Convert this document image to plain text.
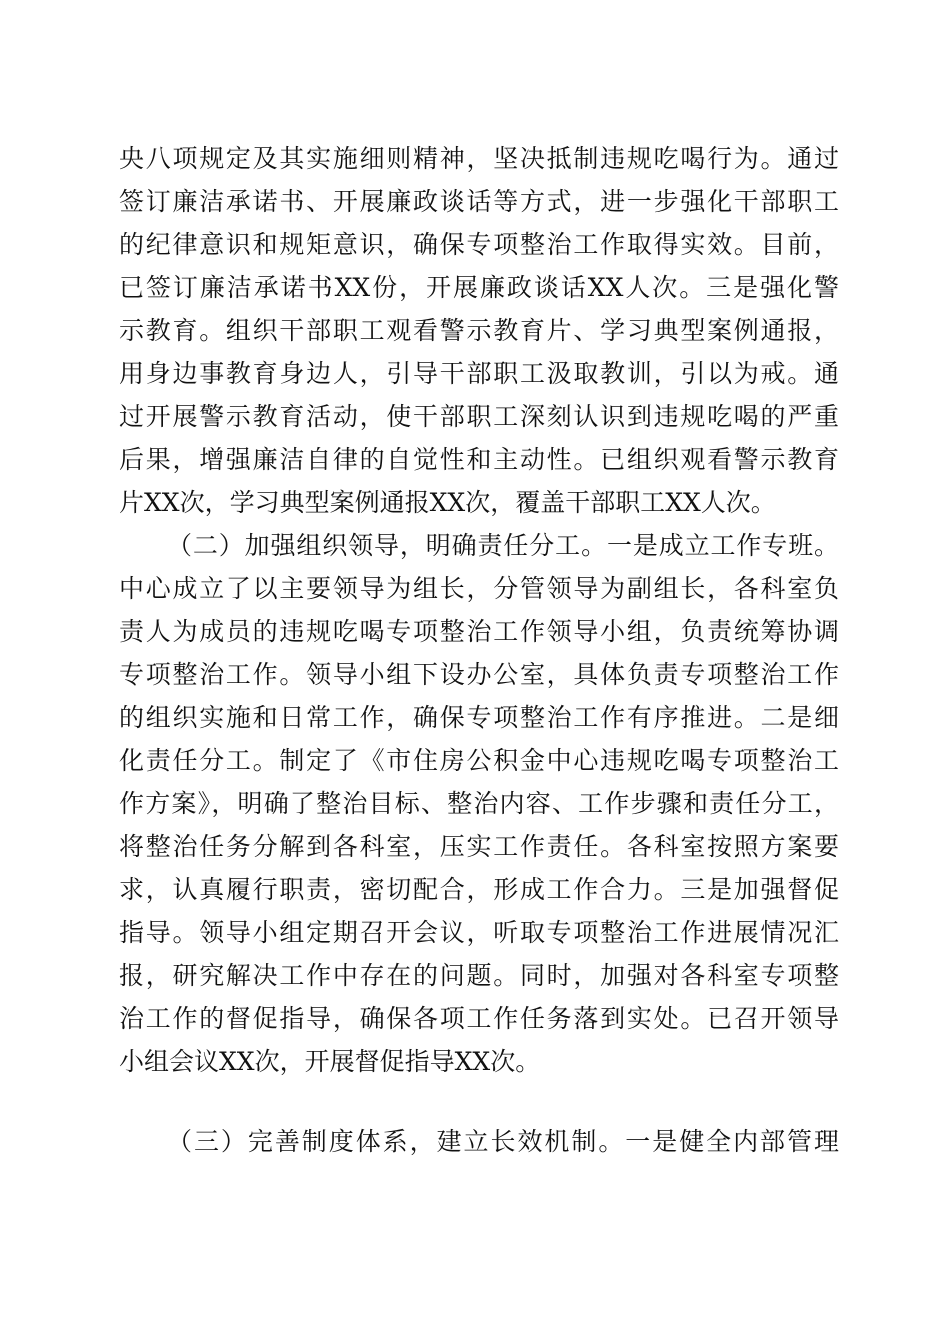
央八项规定及其实施细则精神，坚决抵制违规吃喝行为。通过
签订廉洁承诺书、开展廉政谈话等方式，进一步强化干部职工
的纪律意识和规矩意识，确保专项整治工作取得实效。目前，
已签订廉洁承诺书XX份，开展廉政谈话XX人次。三是强化警
示教育。组织干部职工观看警示教育片、学习典型案例通报，
用身边事教育身边人，引导干部职工汲取教训，引以为戒。通
过开展警示教育活动，使干部职工深刻认识到违规吃喝的严重
后果，增强廉洁自律的自觉性和主动性。已组织观看警示教育
片XX次，学习典型案例通报XX次，覆盖干部职工XX人次。
（二）加强组织领导，明确责任分工。一是成立工作专班。
中心成立了以主要领导为组长，分管领导为副组长，各科室负
责人为成员的违规吃喝专项整治工作领导小组，负责统筹协调
专项整治工作。领导小组下设办公室，具体负责专项整治工作
的组织实施和日常工作，确保专项整治工作有序推进。二是细
化责任分工。制定了《市住房公积金中心违规吃喝专项整治工
作方案》，明确了整治目标、整治内容、工作步骤和责任分工，
将整治任务分解到各科室，压实工作责任。各科室按照方案要
求，认真履行职责，密切配合，形成工作合力。三是加强督促
指导。领导小组定期召开会议，听取专项整治工作进展情况汇
报，研究解决工作中存在的问题。同时，加强对各科室专项整
治工作的督促指导，确保各项工作任务落到实处。已召开领导
小组会议XX次，开展督促指导XX次。
（三）完善制度体系，建立长效机制。一是健全内部管理
